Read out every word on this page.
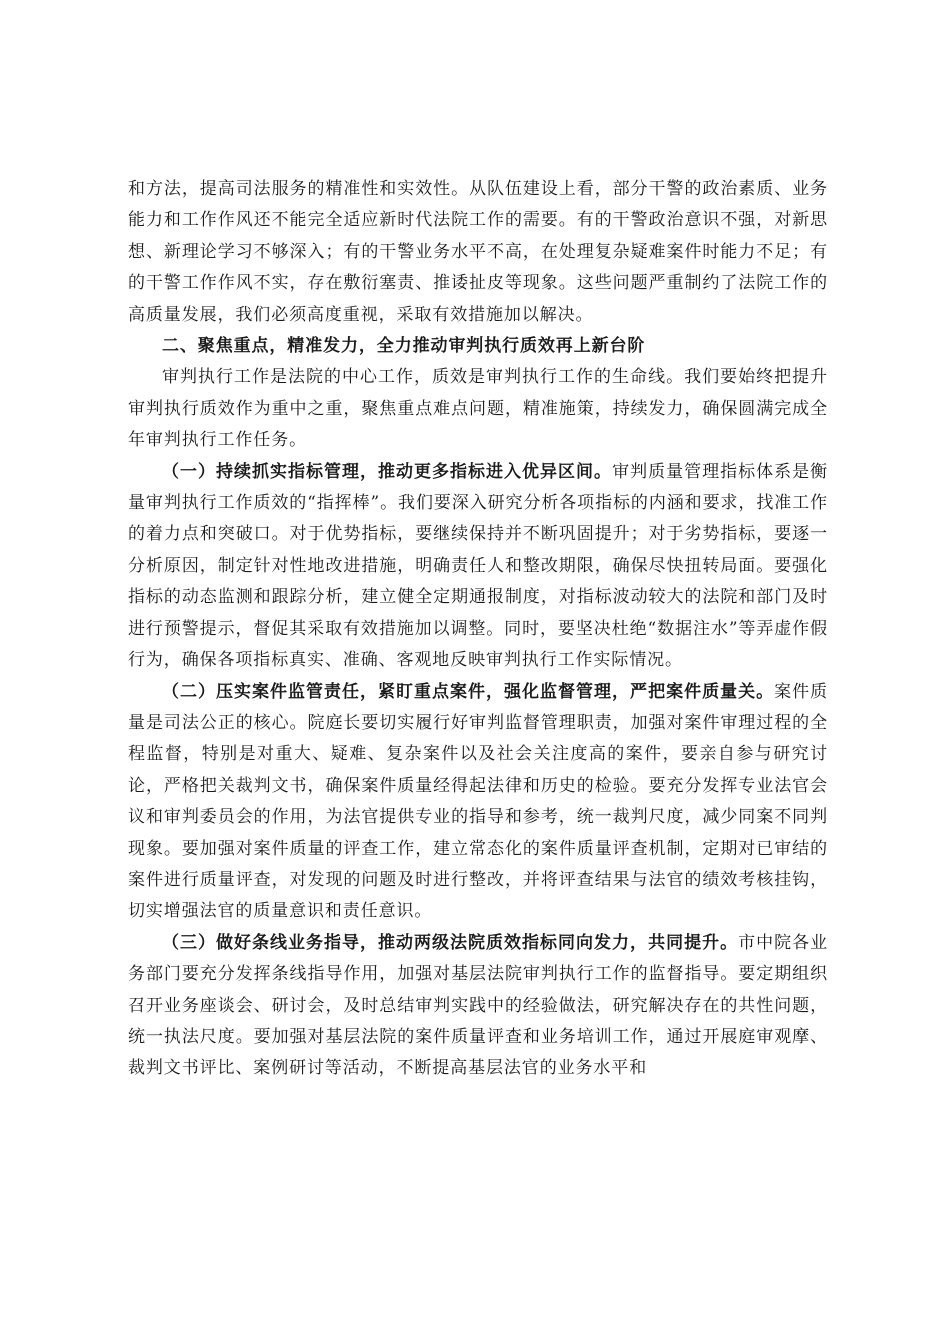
和方法，提高司法服务的精准性和实效性。从队伍建设上看，部分干警的政治素质、业务能力和工作作风还不能完全适应新时代法院工作的需要。有的干警政治意识不强，对新思想、新理论学习不够深入；有的干警业务水平不高，在处理复杂疑难案件时能力不足；有的干警工作作风不实，存在敷衍塞责、推诿扯皮等现象。这些问题严重制约了法院工作的高质量发展，我们必须高度重视，采取有效措施加以解决。

二、聚焦重点，精准发力，全力推动审判执行质效再上新台阶

审判执行工作是法院的中心工作，质效是审判执行工作的生命线。我们要始终把提升审判执行质效作为重中之重，聚焦重点难点问题，精准施策，持续发力，确保圆满完成全年审判执行工作任务。

（一）持续抓实指标管理，推动更多指标进入优异区间。审判质量管理指标体系是衡量审判执行工作质效的“指挥棒”。我们要深入研究分析各项指标的内涵和要求，找准工作的着力点和突破口。对于优势指标，要继续保持并不断巩固提升；对于劣势指标，要逐一分析原因，制定针对性地改进措施，明确责任人和整改期限，确保尽快扭转局面。要强化指标的动态监测和跟踪分析，建立健全定期通报制度，对指标波动较大的法院和部门及时进行预警提示，督促其采取有效措施加以调整。同时，要坚决杜绝“数据注水”等弄虚作假行为，确保各项指标真实、准确、客观地反映审判执行工作实际情况。

（二）压实案件监管责任，紧盯重点案件，强化监督管理，严把案件质量关。案件质量是司法公正的核心。院庭长要切实履行好审判监督管理职责，加强对案件审理过程的全程监督，特别是对重大、疑难、复杂案件以及社会关注度高的案件，要亲自参与研究讨论，严格把关裁判文书，确保案件质量经得起法律和历史的检验。要充分发挥专业法官会议和审判委员会的作用，为法官提供专业的指导和参考，统一裁判尺度，减少同案不同判现象。要加强对案件质量的评查工作，建立常态化的案件质量评查机制，定期对已审结的案件进行质量评查，对发现的问题及时进行整改，并将评查结果与法官的绩效考核挂钩，切实增强法官的质量意识和责任意识。

（三）做好条线业务指导，推动两级法院质效指标同向发力，共同提升。市中院各业务部门要充分发挥条线指导作用，加强对基层法院审判执行工作的监督指导。要定期组织召开业务座谈会、研讨会，及时总结审判实践中的经验做法，研究解决存在的共性问题，统一执法尺度。要加强对基层法院的案件质量评查和业务培训工作，通过开展庭审观摩、裁判文书评比、案例研讨等活动，不断提高基层法官的业务水平和
